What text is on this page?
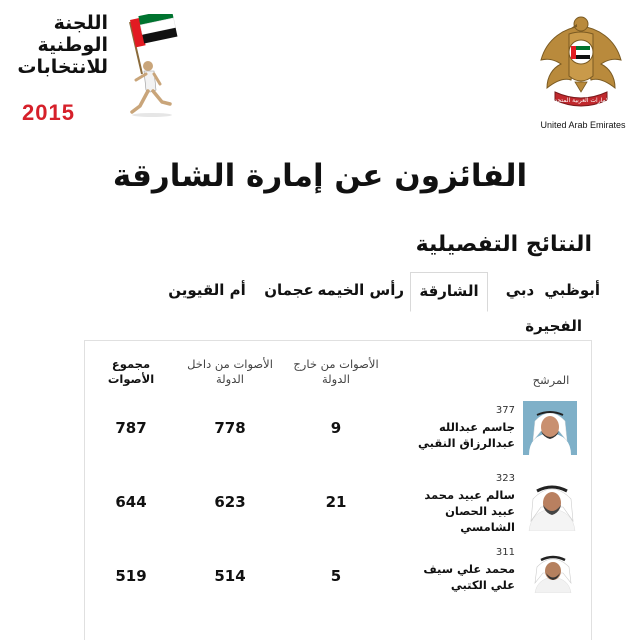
اللجنة
الوطنية
للانتخابات
2015	الإمارات العربية المتحدة
United Arab Emirates
الفائزون عن إمارة الشارقة
النتائج التفصيلية
أبوظبي
دبي
الشارقة
رأس الخيمه
عجمان
أم القيوين
الفجيرة
المرشح
الأصوات من خارج
الدولة
الأصوات من داخل
الدولة
مجموع
الأصوات
377
جاسم عبدالله
عبدالرزاق النقبي
9
778
787
323
سالم عبيد محمد
عبيد الحصان
الشامسي
21
623
644
311
محمد علي سيف
علي الكتبي
5
514
519
